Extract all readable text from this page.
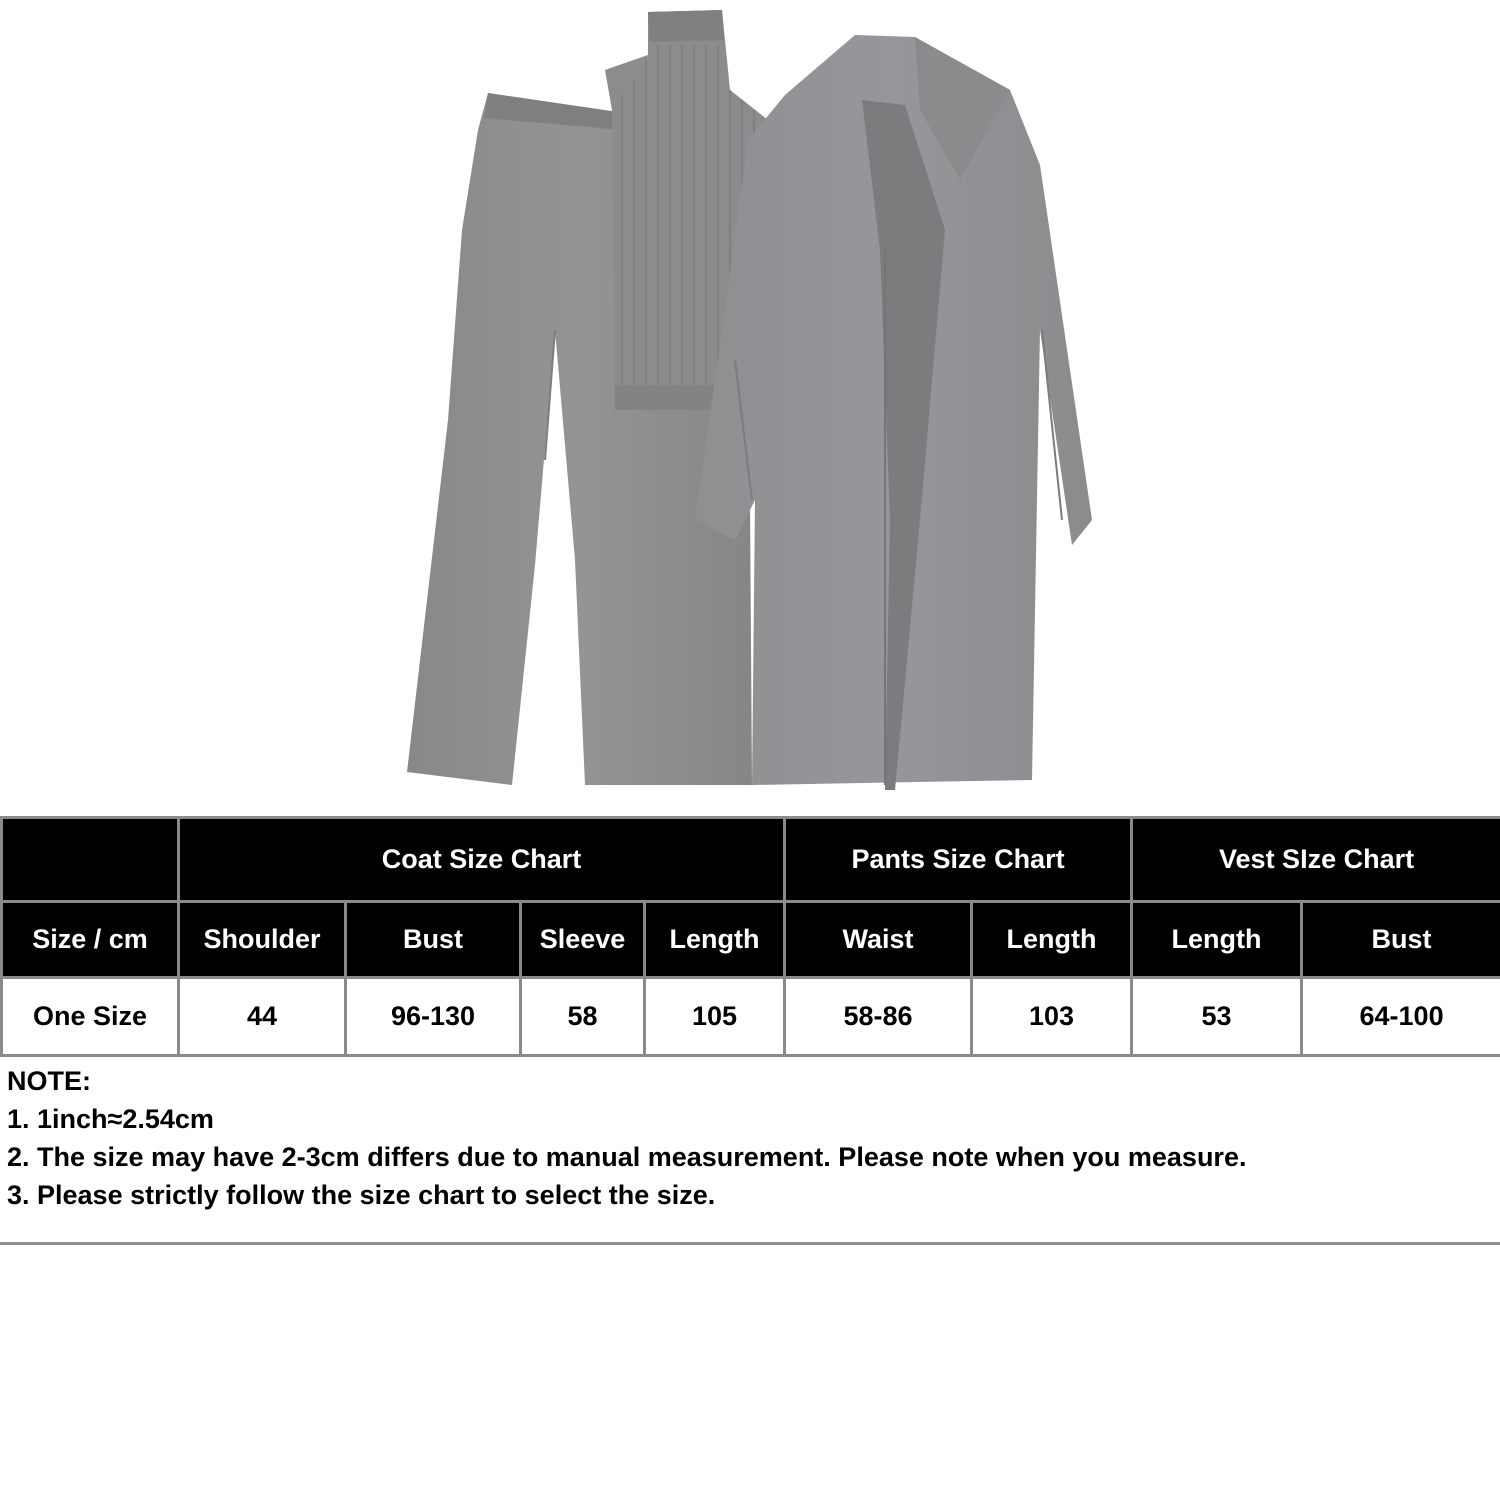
	Coat Size Chart				Pants Size Chart		Vest SIze Chart	
Size / cm	Shoulder	Bust	Sleeve	Length	Waist	Length	Length	Bust
One Size	44	96-130	58	105	58-86	103	53	64-100
NOTE:
1. 1inch≈2.54cm
2. The size may have 2-3cm differs due to manual measurement. Please note when you measure.
3. Please strictly follow the size chart to select the size.
